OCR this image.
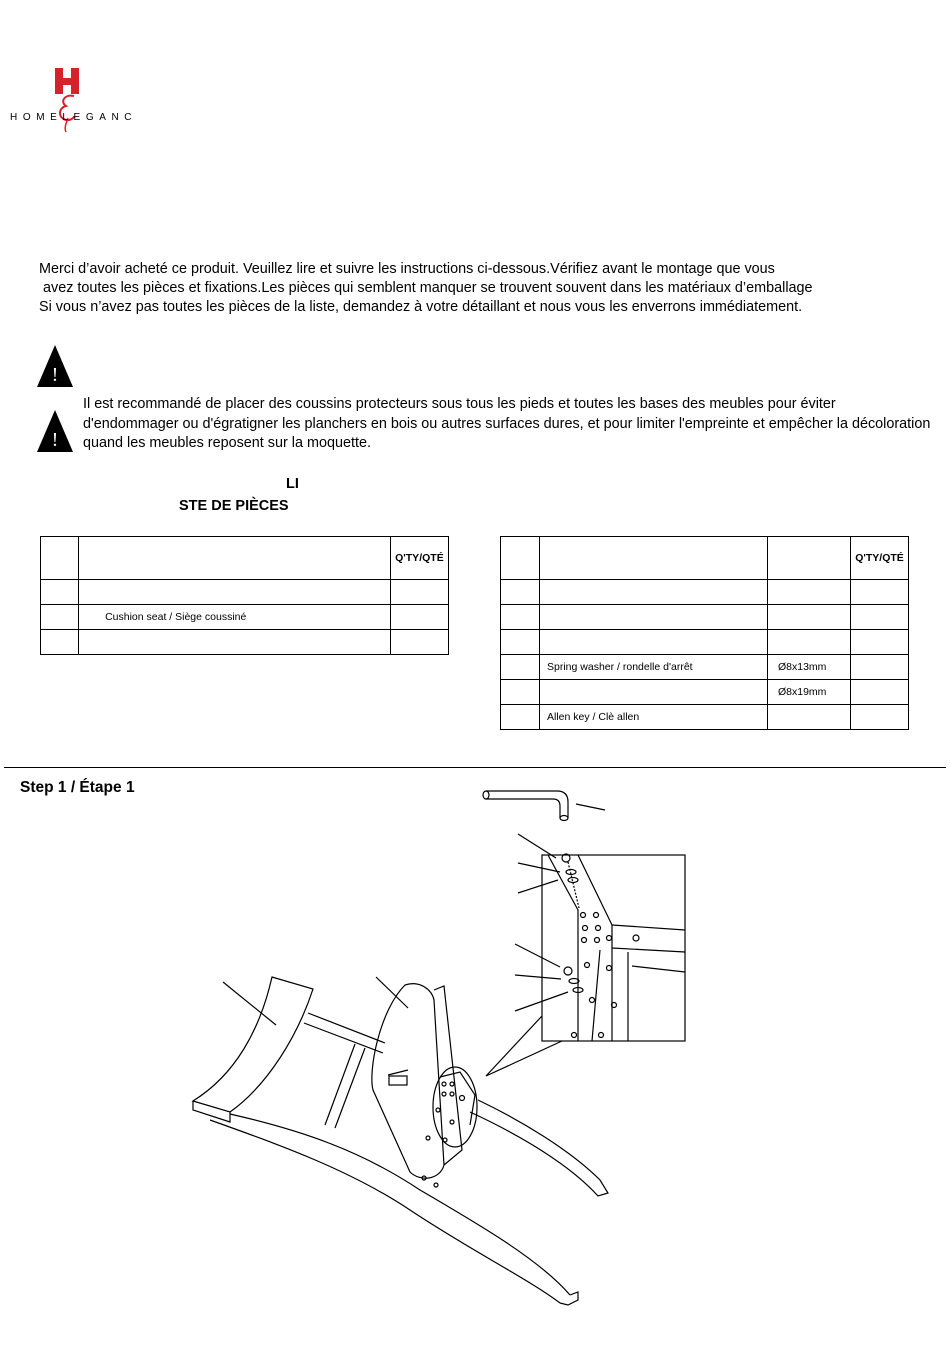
HOMELEGANC
Merci d’avoir acheté ce produit. Veuillez lire et suivre les instructions ci-dessous.Vérifiez avant le montage que vous
avez toutes les pièces et fixations.Les pièces qui semblent manquer se trouvent souvent dans les matériaux d’emballage
Si vous n’avez pas toutes les pièces de la liste, demandez à votre détaillant et nous vous les enverrons immédiatement.
!
!
Il est recommandé de placer des coussins protecteurs sous tous les pieds et toutes les bases des meubles pour éviter d'endommager ou d'égratigner les planchers en bois ou autres surfaces dures, et pour limiter l'empreinte et empêcher la décoloration quand les meubles reposent sur la moquette.
LI
STE DE PIÈCES
		Q'TY/QTÉ

	Cushion seat / Siège coussiné	

			Q'TY/QTÉ

	Spring washer / rondelle d'arrêt	Ø8x13mm	
		Ø8x19mm	
	Allen key / Clè allen		
Step 1 / Étape 1
